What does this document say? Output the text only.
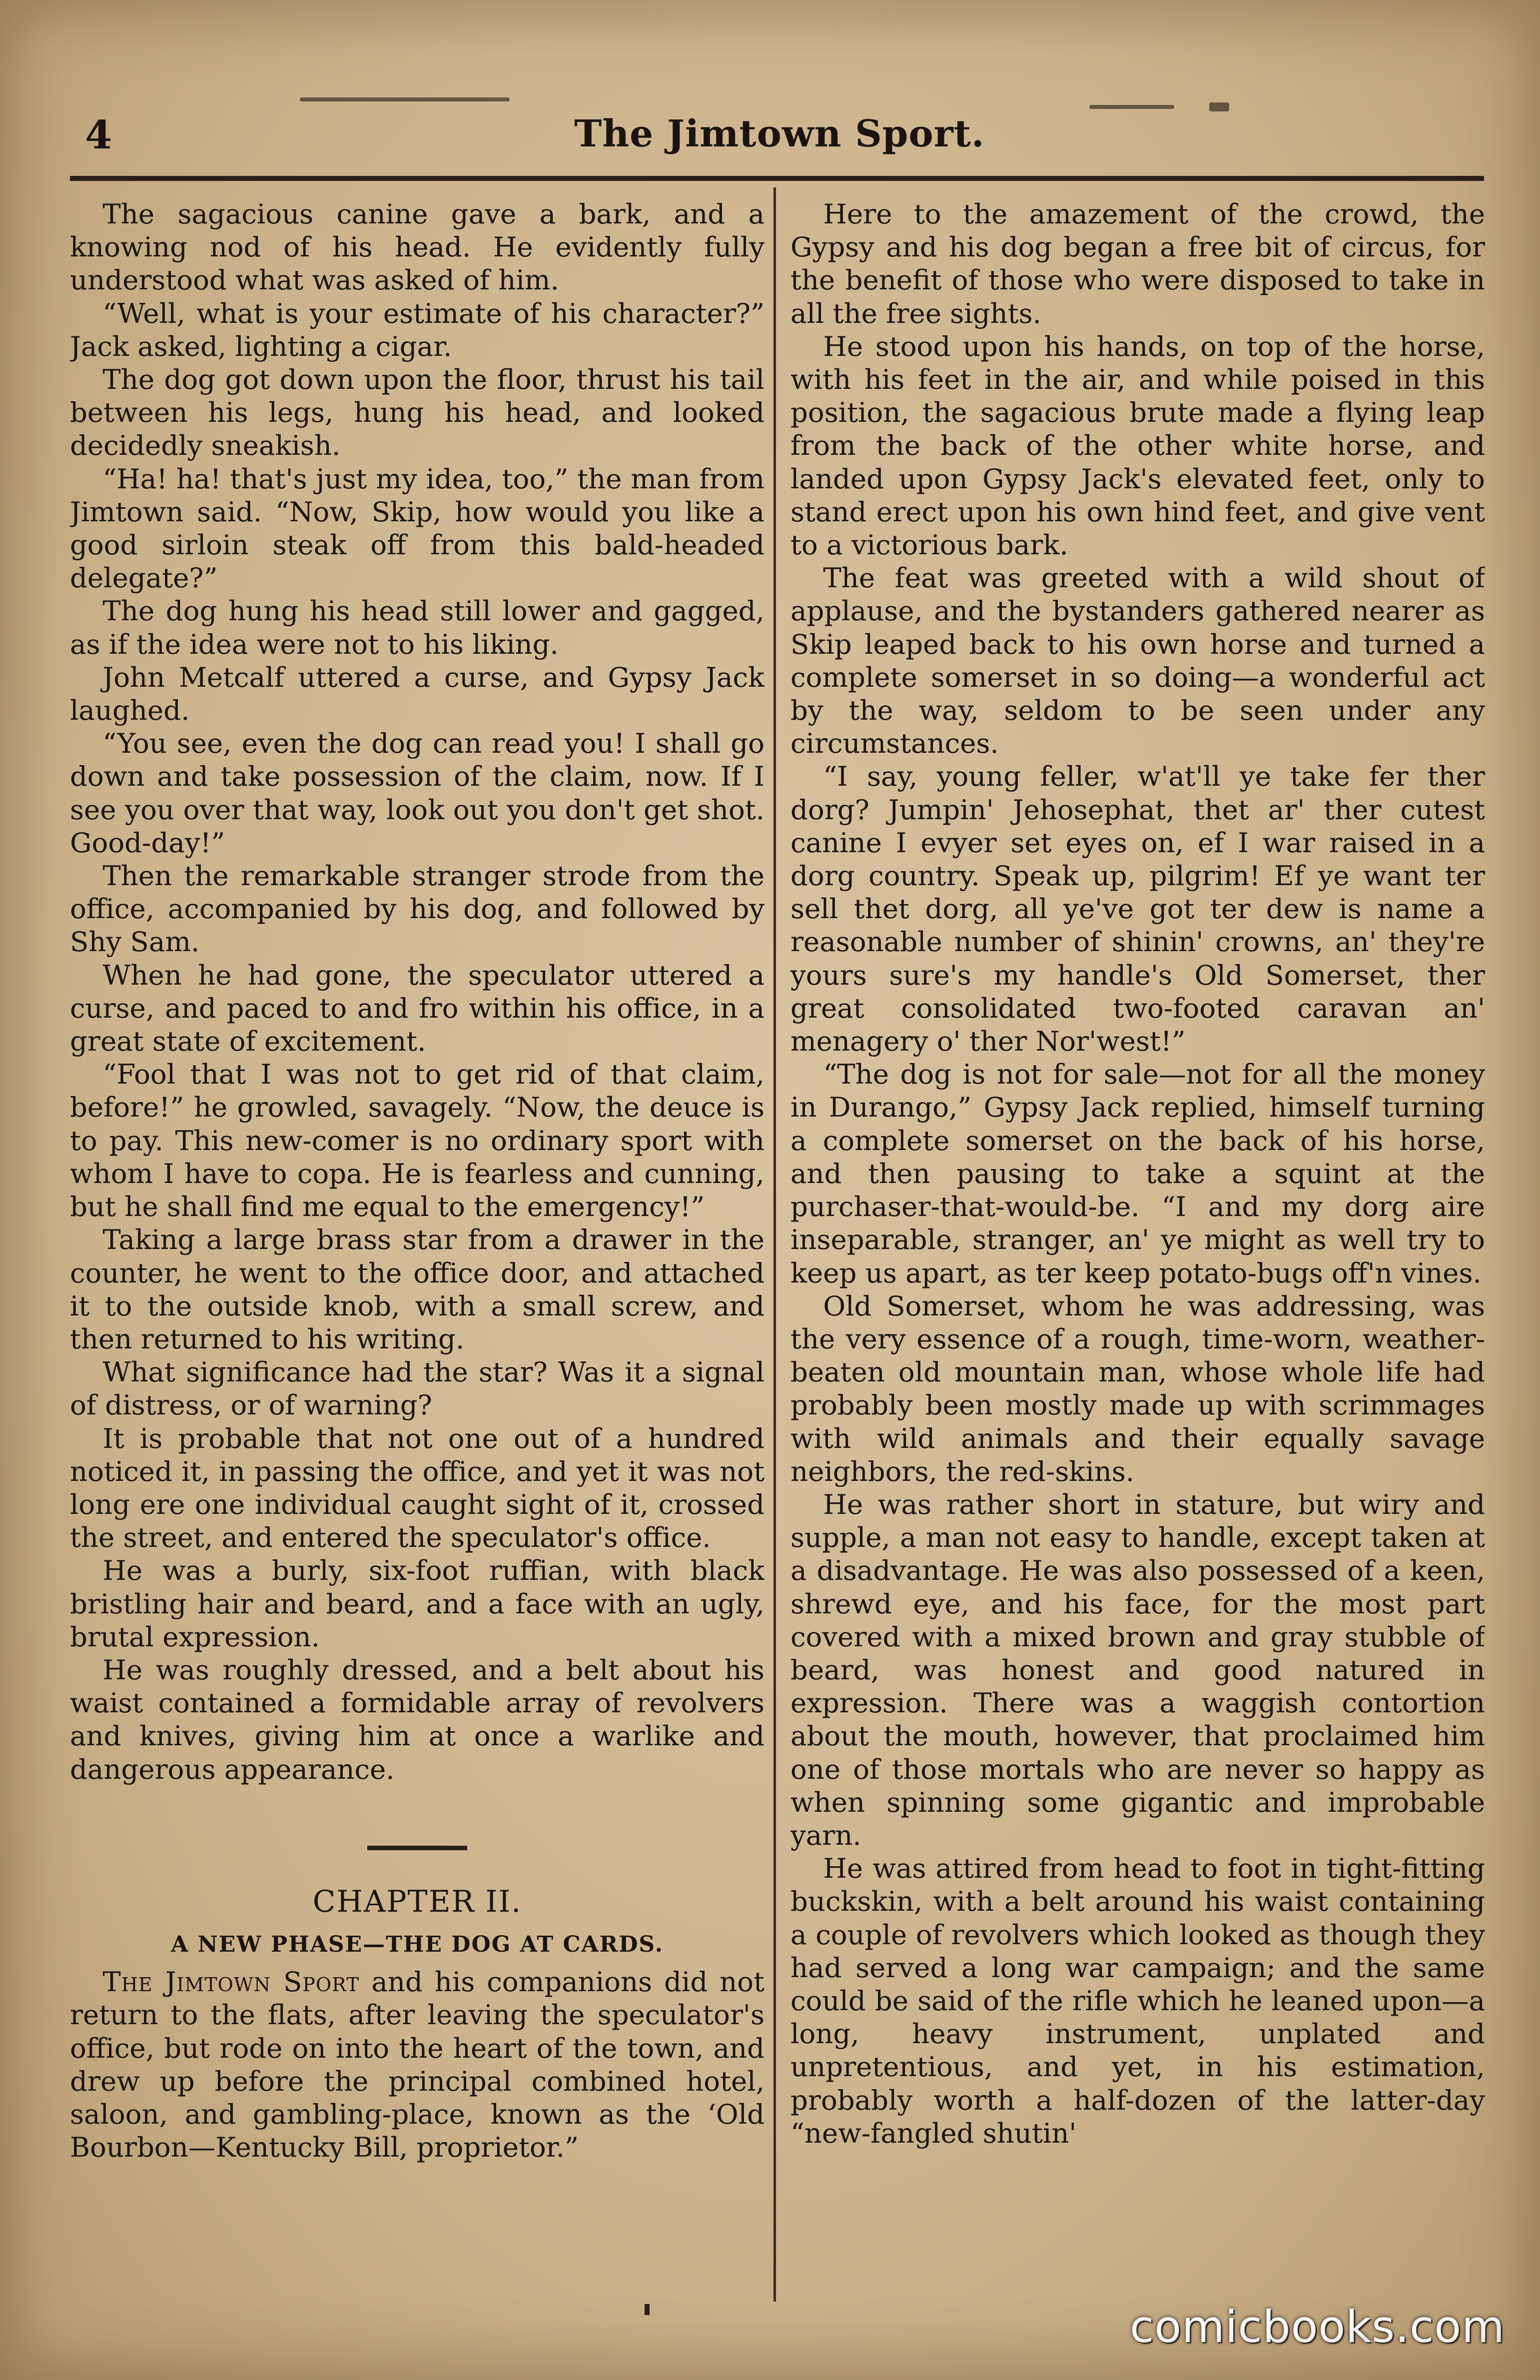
4	The Jimtown Sport.

The sagacious canine gave a bark, and a knowing nod of his head. He evidently fully understood what was asked of him.

“Well, what is your estimate of his character?” Jack asked, lighting a cigar.

The dog got down upon the floor, thrust his tail between his legs, hung his head, and looked decidedly sneakish.

“Ha! ha! that's just my idea, too,” the man from Jimtown said. “Now, Skip, how would you like a good sirloin steak off from this bald-headed delegate?”

The dog hung his head still lower and gagged, as if the idea were not to his liking.

John Metcalf uttered a curse, and Gypsy Jack laughed.

“You see, even the dog can read you! I shall go down and take possession of the claim, now. If I see you over that way, look out you don't get shot. Good-day!”

Then the remarkable stranger strode from the office, accompanied by his dog, and followed by Shy Sam.

When he had gone, the speculator uttered a curse, and paced to and fro within his office, in a great state of excitement.

“Fool that I was not to get rid of that claim, before!” he growled, savagely. “Now, the deuce is to pay. This new-comer is no ordinary sport with whom I have to copa. He is fearless and cunning, but he shall find me equal to the emergency!”

Taking a large brass star from a drawer in the counter, he went to the office door, and attached it to the outside knob, with a small screw, and then returned to his writing.

What significance had the star? Was it a signal of distress, or of warning?

It is probable that not one out of a hundred noticed it, in passing the office, and yet it was not long ere one individual caught sight of it, crossed the street, and entered the speculator's office.

He was a burly, six-foot ruffian, with black bristling hair and beard, and a face with an ugly, brutal expression.

He was roughly dressed, and a belt about his waist contained a formidable array of revolvers and knives, giving him at once a warlike and dangerous appearance.

CHAPTER II.

A NEW PHASE—THE DOG AT CARDS.

The Jimtown Sport and his companions did not return to the flats, after leaving the speculator's office, but rode on into the heart of the town, and drew up before the principal combined hotel, saloon, and gambling-place, known as the ‘Old Bourbon—Kentucky Bill, proprietor.”

Here to the amazement of the crowd, the Gypsy and his dog began a free bit of circus, for the benefit of those who were disposed to take in all the free sights.

He stood upon his hands, on top of the horse, with his feet in the air, and while poised in this position, the sagacious brute made a flying leap from the back of the other white horse, and landed upon Gypsy Jack's elevated feet, only to stand erect upon his own hind feet, and give vent to a victorious bark.

The feat was greeted with a wild shout of applause, and the bystanders gathered nearer as Skip leaped back to his own horse and turned a complete somerset in so doing—a wonderful act by the way, seldom to be seen under any circumstances.

“I say, young feller, w'at'll ye take fer ther dorg? Jumpin' Jehosephat, thet ar' ther cutest canine I evyer set eyes on, ef I war raised in a dorg country. Speak up, pilgrim! Ef ye want ter sell thet dorg, all ye've got ter dew is name a reasonable number of shinin' crowns, an' they're yours sure's my handle's Old Somerset, ther great consolidated two-footed caravan an' menagery o' ther Nor'west!”

“The dog is not for sale—not for all the money in Durango,” Gypsy Jack replied, himself turning a complete somerset on the back of his horse, and then pausing to take a squint at the purchaser-that-would-be. “I and my dorg aire inseparable, stranger, an' ye might as well try to keep us apart, as ter keep potato-bugs off'n vines.

Old Somerset, whom he was addressing, was the very essence of a rough, time-worn, weather-beaten old mountain man, whose whole life had probably been mostly made up with scrimmages with wild animals and their equally savage neighbors, the red-skins.

He was rather short in stature, but wiry and supple, a man not easy to handle, except taken at a disadvantage. He was also possessed of a keen, shrewd eye, and his face, for the most part covered with a mixed brown and gray stubble of beard, was honest and good natured in expression. There was a waggish contortion about the mouth, however, that proclaimed him one of those mortals who are never so happy as when spinning some gigantic and improbable yarn.

He was attired from head to foot in tight-fitting buckskin, with a belt around his waist containing a couple of revolvers which looked as though they had served a long war campaign; and the same could be said of the rifle which he leaned upon—a long, heavy instrument, unplated and unpretentious, and yet, in his estimation, probably worth a half-dozen of the latter-day “new-fangled shutin'

comicbooks.com
